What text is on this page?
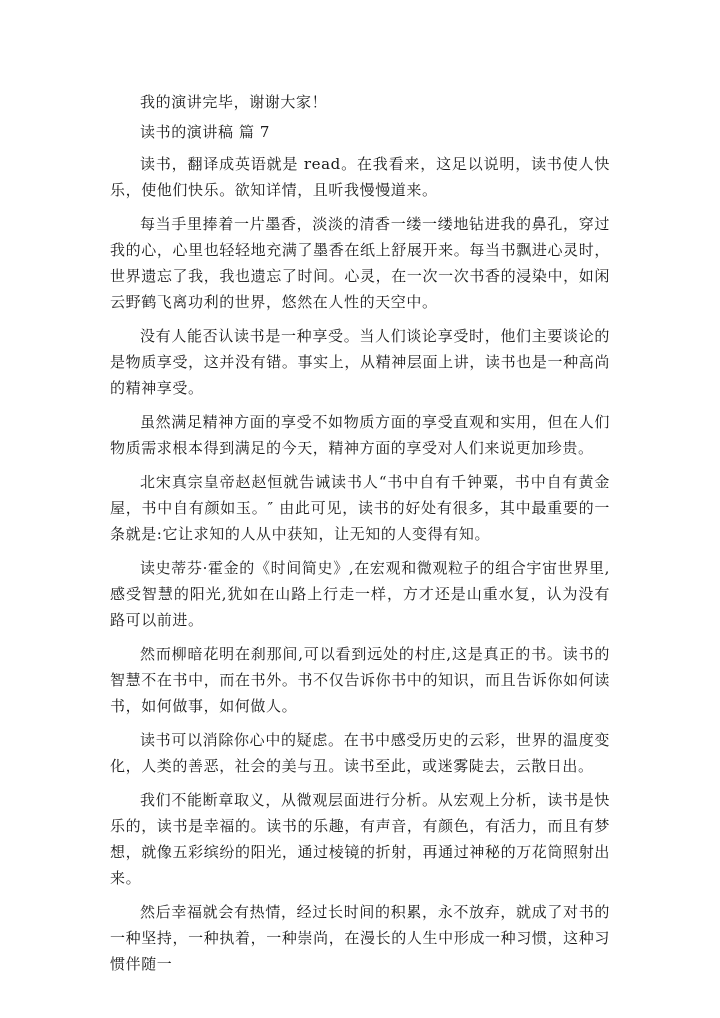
我的演讲完毕，谢谢大家！

读书的演讲稿 篇 7

读书，翻译成英语就是 read。在我看来，这足以说明，读书使人快乐，使他们快乐。欲知详情，且听我慢慢道来。

每当手里捧着一片墨香，淡淡的清香一缕一缕地钻进我的鼻孔，穿过我的心，心里也轻轻地充满了墨香在纸上舒展开来。每当书飘进心灵时，世界遗忘了我，我也遗忘了时间。心灵，在一次一次书香的浸染中，如闲云野鹤飞离功利的世界，悠然在人性的天空中。

没有人能否认读书是一种享受。当人们谈论享受时，他们主要谈论的是物质享受，这并没有错。事实上，从精神层面上讲，读书也是一种高尚的精神享受。

虽然满足精神方面的享受不如物质方面的享受直观和实用，但在人们物质需求根本得到满足的今天，精神方面的享受对人们来说更加珍贵。

北宋真宗皇帝赵赵恒就告诫读书人“书中自有千钟粟，书中自有黄金屋，书中自有颜如玉。″ 由此可见，读书的好处有很多，其中最重要的一条就是:它让求知的人从中获知，让无知的人变得有知。

读史蒂芬·霍金的《时间简史》,在宏观和微观粒子的组合宇宙世界里,感受智慧的阳光,犹如在山路上行走一样，方才还是山重水复，认为没有路可以前进。

然而柳暗花明在刹那间,可以看到远处的村庄,这是真正的书。读书的智慧不在书中，而在书外。书不仅告诉你书中的知识，而且告诉你如何读书，如何做事，如何做人。

读书可以消除你心中的疑虑。在书中感受历史的云彩，世界的温度变化，人类的善恶，社会的美与丑。读书至此，或迷雾陡去，云散日出。

我们不能断章取义，从微观层面进行分析。从宏观上分析，读书是快乐的，读书是幸福的。读书的乐趣，有声音，有颜色，有活力，而且有梦想，就像五彩缤纷的阳光，通过棱镜的折射，再通过神秘的万花筒照射出来。

然后幸福就会有热情，经过长时间的积累，永不放弃，就成了对书的一种坚持，一种执着，一种崇尚，在漫长的人生中形成一种习惯，这种习惯伴随一
